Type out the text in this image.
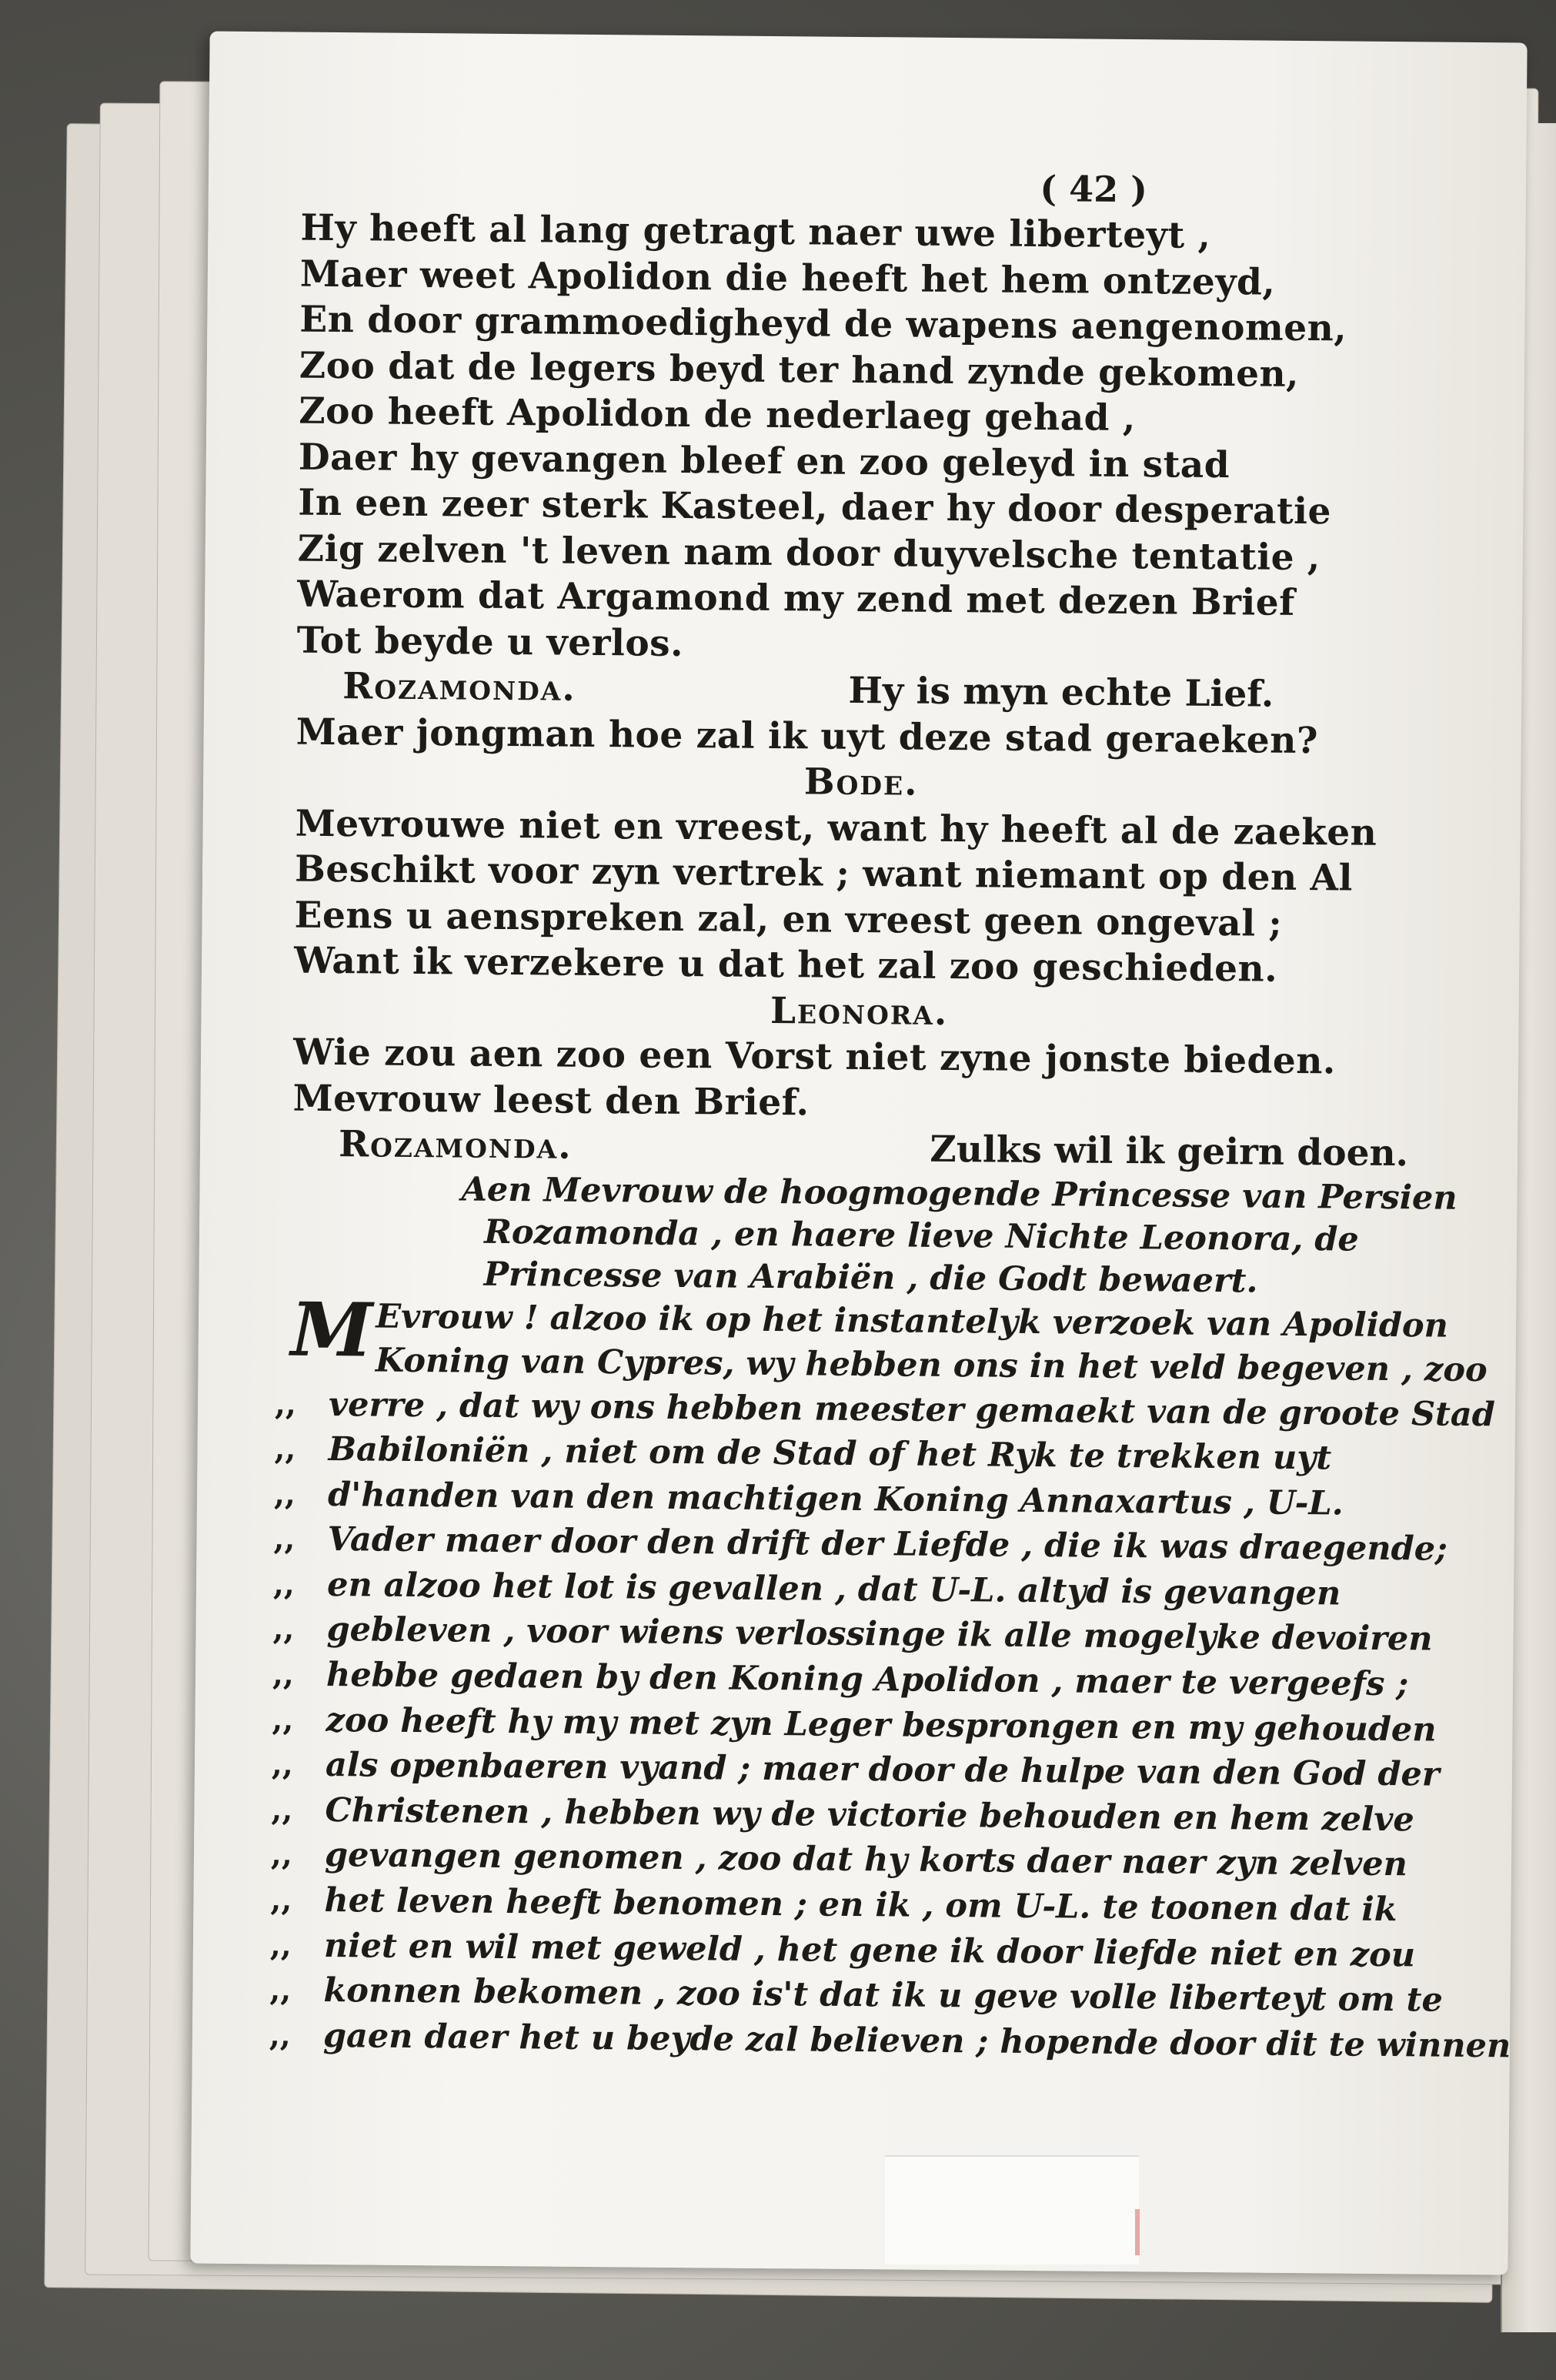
( 42 )
Hy heeft al lang getragt naer uwe liberteyt ,
Maer weet Apolidon die heeft het hem ontzeyd,
En door grammoedigheyd de wapens aengenomen,
Zoo dat de legers beyd ter hand zynde gekomen,
Zoo heeft Apolidon de nederlaeg gehad ,
Daer hy gevangen bleef en zoo geleyd in stad
In een zeer sterk Kasteel, daer hy door desperatie
Zig zelven 't leven nam door duyvelsche tentatie ,
Waerom dat Argamond my zend met dezen Brief
Tot beyde u verlos.
Rozamonda.	Hy is myn echte Lief.
Maer jongman hoe zal ik uyt deze stad geraeken?
Bode.
Mevrouwe niet en vreest, want hy heeft al de zaeken
Beschikt voor zyn vertrek ; want niemant op den Al
Eens u aenspreken zal, en vreest geen ongeval ;
Want ik verzekere u dat het zal zoo geschieden.
Leonora.
Wie zou aen zoo een Vorst niet zyne jonste bieden.
Mevrouw leest den Brief.
Rozamonda.	Zulks wil ik geirn doen.
Aen Mevrouw de hoogmogende Princesse van Persien
Rozamonda , en haere lieve Nichte Leonora, de
Princesse van Arabiën , die Godt bewaert.
M Evrouw ! alzoo ik op het instantelyk verzoek van Apolidon
Koning van Cypres, wy hebben ons in het veld begeven , zoo
,, verre , dat wy ons hebben meester gemaekt van de groote Stad
,, Babiloniën , niet om de Stad of het Ryk te trekken uyt
,, d'handen van den machtigen Koning Annaxartus , U-L.
,, Vader maer door den drift der Liefde , die ik was draegende;
,, en alzoo het lot is gevallen , dat U-L. altyd is gevangen
,, gebleven , voor wiens verlossinge ik alle mogelyke devoiren
,, hebbe gedaen by den Koning Apolidon , maer te vergeefs ;
,, zoo heeft hy my met zyn Leger besprongen en my gehouden
,, als openbaeren vyand ; maer door de hulpe van den God der
,, Christenen , hebben wy de victorie behouden en hem zelve
,, gevangen genomen , zoo dat hy korts daer naer zyn zelven
,, het leven heeft benomen ; en ik , om U-L. te toonen dat ik
,, niet en wil met geweld , het gene ik door liefde niet en zou
,, konnen bekomen , zoo is't dat ik u geve volle liberteyt om te
,, gaen daer het u beyde zal believen ; hopende door dit te winnen
